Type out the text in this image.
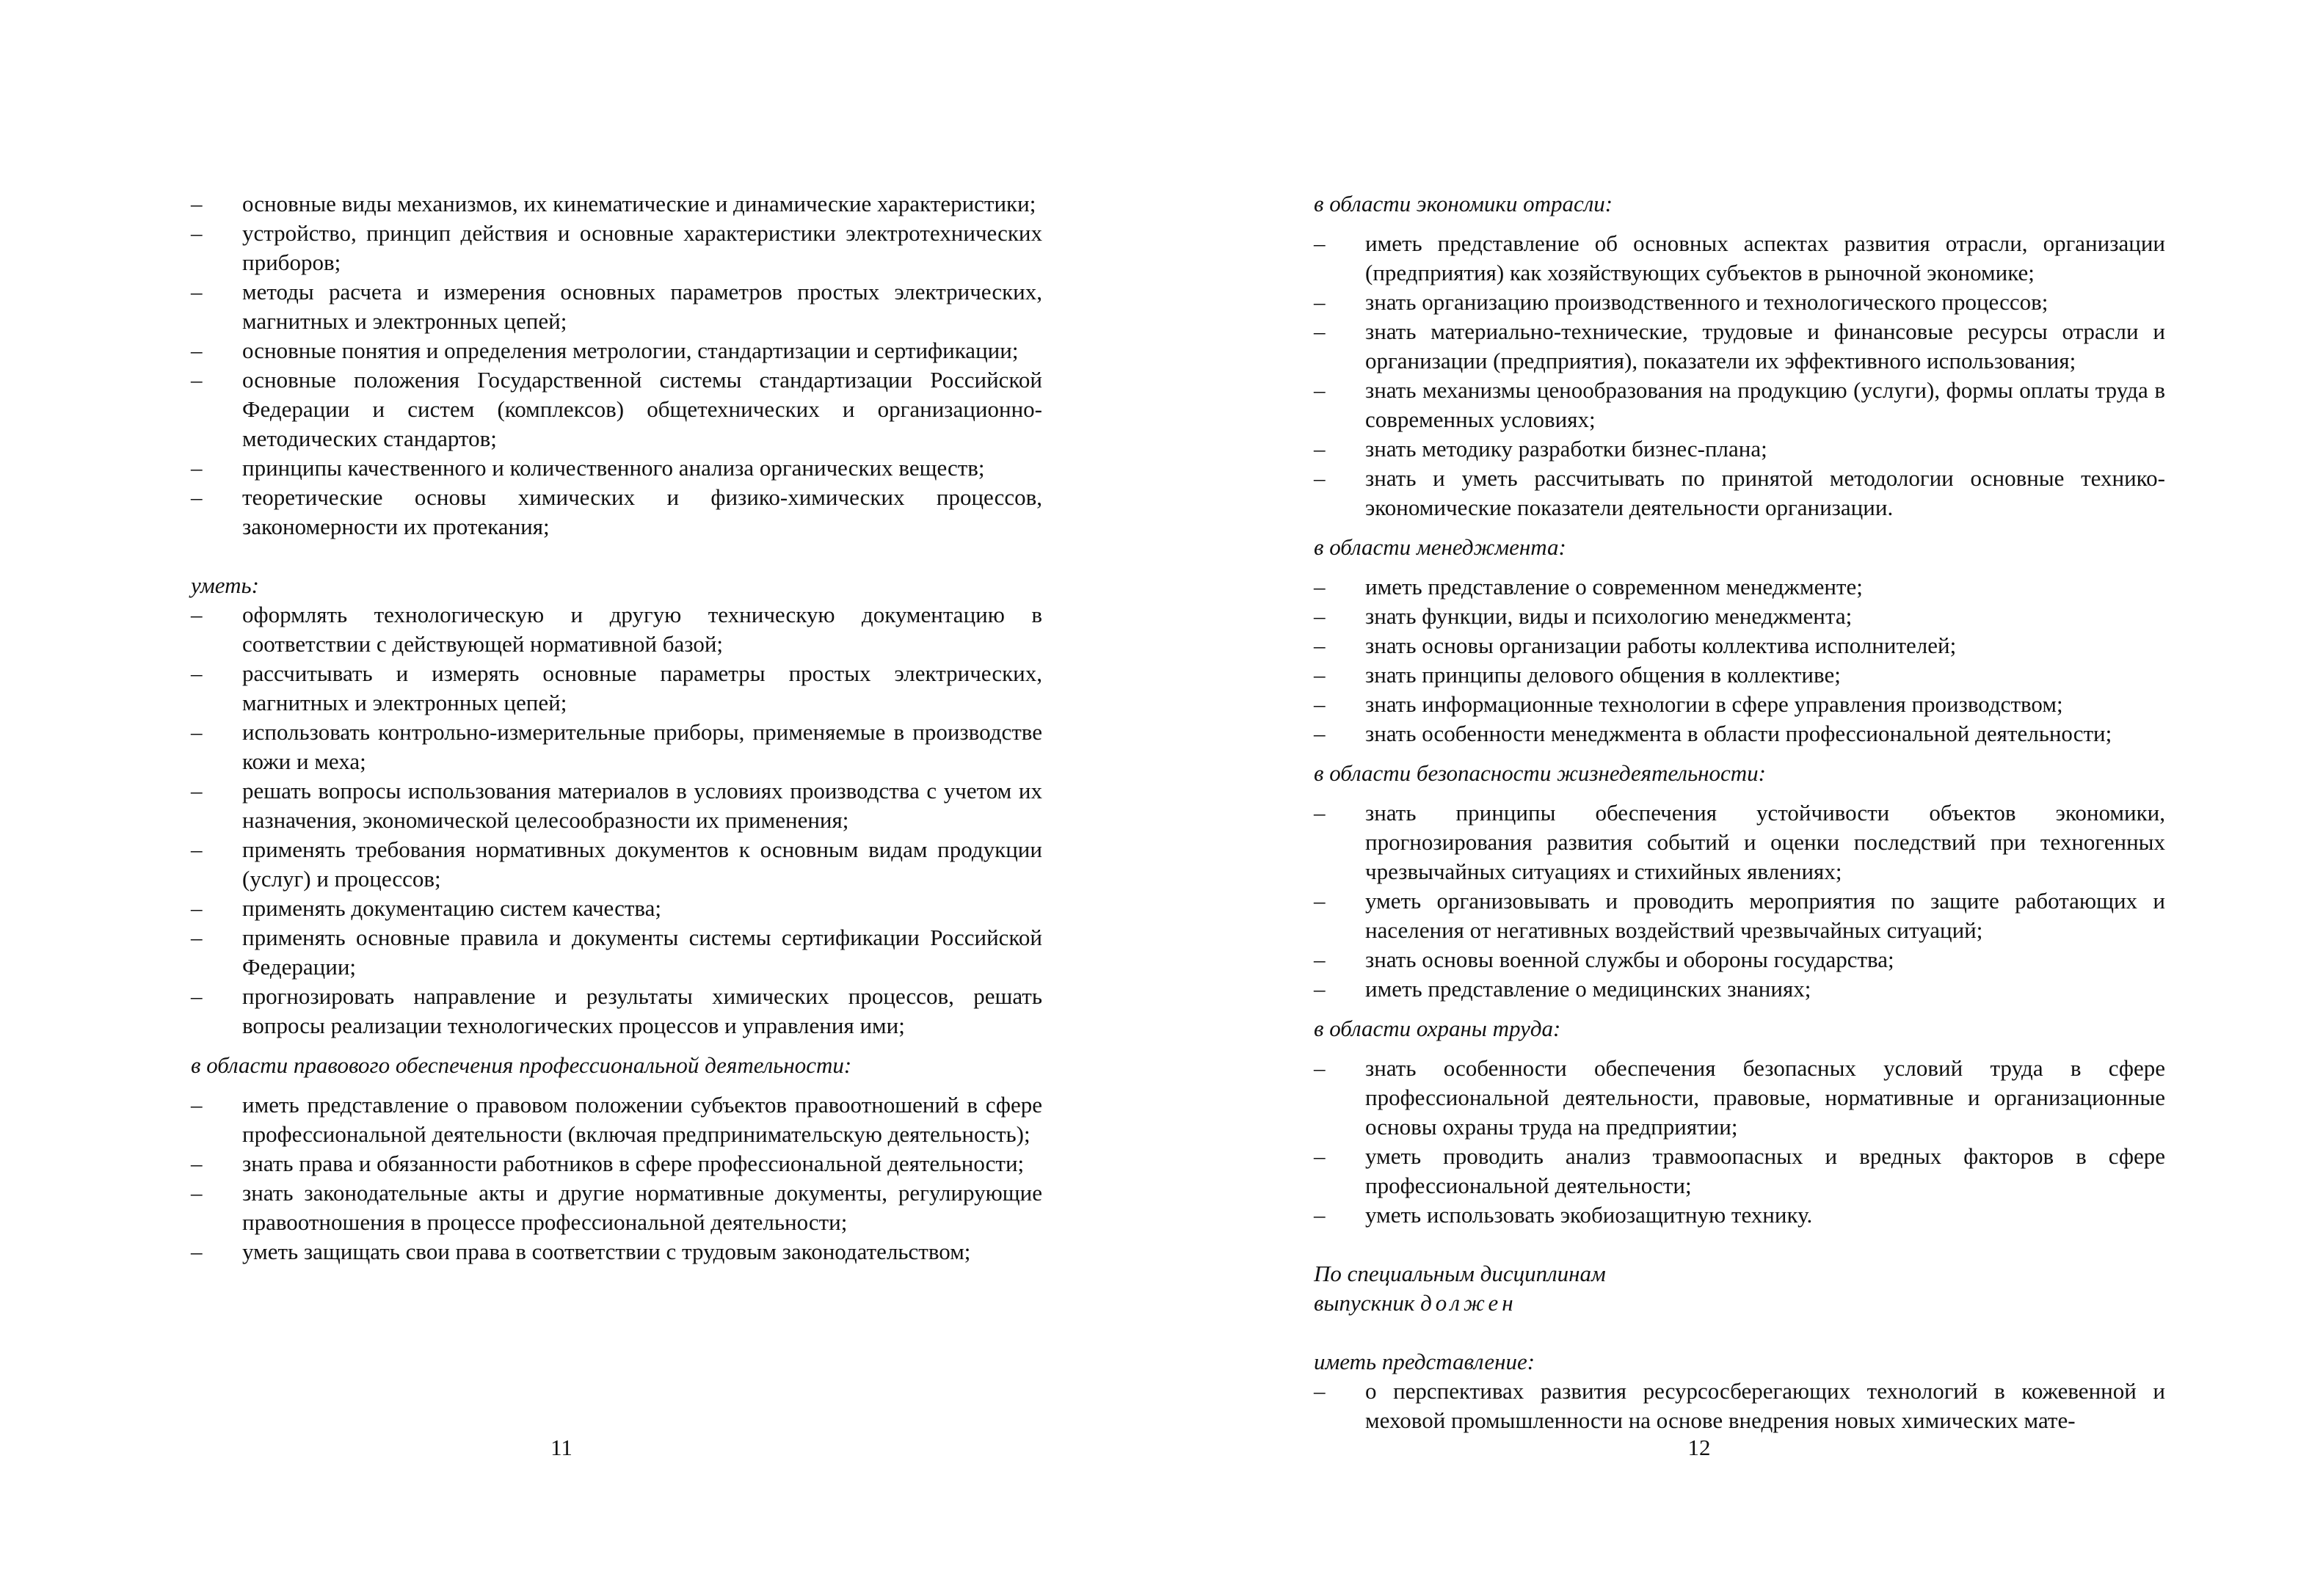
–	основные виды механизмов, их кинематические и динамические характеристики;
–	устройство, принцип действия и основные характеристики электротехнических приборов;
–	методы расчета и измерения основных параметров простых электрических, магнитных и электронных цепей;
–	основные понятия и определения метрологии, стандартизации и сертификации;
–	основные положения Государственной системы стандартизации Российской Федерации и систем (комплексов) общетехнических и организационно-методических стандартов;
–	принципы качественного и количественного анализа органических веществ;
–	теоретические основы химических и физико-химических процессов, закономерности их протекания;

уметь:

–	оформлять технологическую и другую техническую документацию в соответствии с действующей нормативной базой;
–	рассчитывать и измерять основные параметры простых электрических, магнитных и электронных цепей;
–	использовать контрольно-измерительные приборы, применяемые в производстве кожи и меха;
–	решать вопросы использования материалов в условиях производства с учетом их назначения, экономической целесообразности их применения;
–	применять требования нормативных документов к основным видам продукции (услуг) и процессов;
–	применять документацию систем качества;
–	применять основные правила и документы системы сертификации Российской Федерации;
–	прогнозировать направление и результаты химических процессов, решать вопросы реализации технологических процессов и управления ими;

в области правового обеспечения профессиональной деятельности:

–	иметь представление о правовом положении субъектов правоотношений в сфере профессиональной деятельности (включая предпринимательскую деятельность);
–	знать права и обязанности работников в сфере профессиональной деятельности;
–	знать законодательные акты и другие нормативные документы, регулирующие правоотношения в процессе профессиональной деятельности;
–	уметь защищать свои права в соответствии с трудовым законодательством;

в области экономики отрасли:

–	иметь представление об основных аспектах развития отрасли, организации (предприятия) как хозяйствующих субъектов в рыночной экономике;
–	знать организацию производственного и технологического процессов;
–	знать материально-технические, трудовые и финансовые ресурсы отрасли и организации (предприятия), показатели их эффективного использования;
–	знать механизмы ценообразования на продукцию (услуги), формы оплаты труда в современных условиях;
–	знать методику разработки бизнес-плана;
–	знать и уметь рассчитывать по принятой методологии основные технико-экономические показатели деятельности организации.

в области менеджмента:

–	иметь представление о современном менеджменте;
–	знать функции, виды и психологию менеджмента;
–	знать основы организации работы коллектива исполнителей;
–	знать принципы делового общения в коллективе;
–	знать информационные технологии в сфере управления производством;
–	знать особенности менеджмента в области профессиональной деятельности;

в области безопасности жизнедеятельности:

–	знать принципы обеспечения устойчивости объектов экономики, прогнозирования развития событий и оценки последствий при техногенных чрезвычайных ситуациях и стихийных явлениях;
–	уметь организовывать и проводить мероприятия по защите работающих и населения от негативных воздействий чрезвычайных ситуаций;
–	знать основы военной службы и обороны государства;
–	иметь представление о медицинских знаниях;

в области охраны труда:

–	знать особенности обеспечения безопасных условий труда в сфере профессиональной деятельности, правовые, нормативные и организационные основы охраны труда на предприятии;
–	уметь проводить анализ травмоопасных и вредных факторов в сфере профессиональной деятельности;
–	уметь использовать экобиозащитную технику.

По специальным дисциплинам

выпускник должен

иметь представление:

–	о перспективах развития ресурсосберегающих технологий в кожевенной и меховой промышленности на основе внедрения новых химических мате-
11	12
